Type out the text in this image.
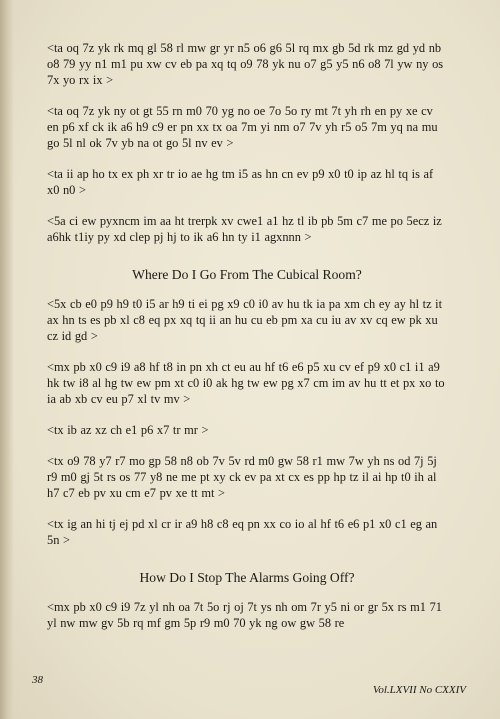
<ta oq 7z yk rk mq gl 58 rl mw gr yr n5 o6 g6 5l rq mx gb 5d rk mz gd yd nb o8 79 yy n1 m1 pu xw cv eb pa xq tq o9 78 yk nu o7 g5 y5 n6 o8 7l yw ny os 7x yo rx ix >

<ta oq 7z yk ny ot gt 55 rn m0 70 yg no oe 7o 5o ry mt 7t yh rh en py xe cv en p6 xf ck ik a6 h9 c9 er pn xx tx oa 7m yi nm o7 7v yh r5 o5 7m yq na mu go 5l nl ok 7v yb na ot go 5l nv ev >

<ta ii ap ho tx ex ph xr tr io ae hg tm i5 as hn cn ev p9 x0 t0 ip az hl tq is af x0 n0 >

<5a ci ew pyxncm im aa ht trerpk xv cwe1 a1 hz tl ib pb 5m c7 me po 5ecz iz a6hk t1iy py xd clep pj hj to ik a6 hn ty i1 agxnnn >

Where Do I Go From The Cubical Room?

<5x cb e0 p9 h9 t0 i5 ar h9 ti ei pg x9 c0 i0 av hu tk ia pa xm ch ey ay hl tz it ax hn ts es pb xl c8 eq px xq tq ii an hu cu eb pm xa cu iu av xv cq ew pk xu cz id gd >

<mx pb x0 c9 i9 a8 hf t8 in pn xh ct eu au hf t6 e6 p5 xu cv ef p9 x0 c1 i1 a9 hk tw i8 al hg tw ew pm xt c0 i0 ak hg tw ew pg x7 cm im av hu tt et px xo to ia ab xb cv eu p7 xl tv mv >

<tx ib az xz ch e1 p6 x7 tr mr >

<tx o9 78 y7 r7 mo gp 58 n8 ob 7v 5v rd m0 gw 58 r1 mw 7w yh ns od 7j 5j r9 m0 gj 5t rs os 77 y8 ne me pt xy ck ev pa xt cx es pp hp tz il ai hp t0 ih al h7 c7 eb pv xu cm e7 pv xe tt mt >

<tx ig an hi tj ej pd xl cr ir a9 h8 c8 eq pn xx co io al hf t6 e6 p1 x0 c1 eg an 5n >

How Do I Stop The Alarms Going Off?

<mx pb x0 c9 i9 7z yl nh oa 7t 5o rj oj 7t ys nh om 7r y5 ni or gr 5x rs m1 71 yl nw mw gv 5b rq mf gm 5p r9 m0 70 yk ng ow gw 58 re

38
Vol.LXVII No CXXIV
